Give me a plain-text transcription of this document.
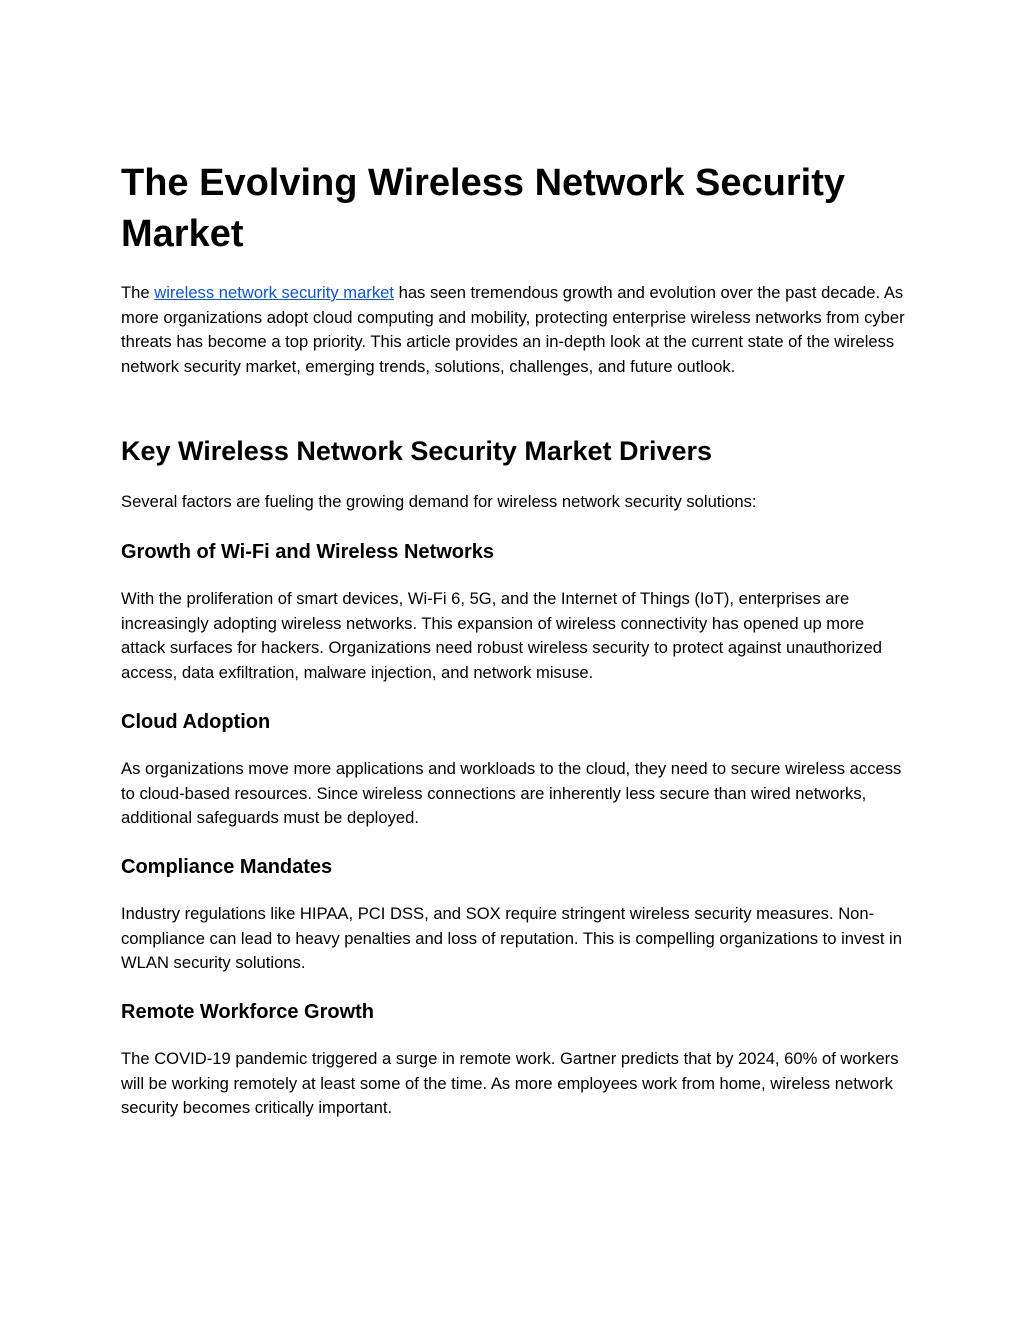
The Evolving Wireless Network Security Market

The wireless network security market has seen tremendous growth and evolution over the past decade. As more organizations adopt cloud computing and mobility, protecting enterprise wireless networks from cyber threats has become a top priority. This article provides an in-depth look at the current state of the wireless network security market, emerging trends, solutions, challenges, and future outlook.

Key Wireless Network Security Market Drivers

Several factors are fueling the growing demand for wireless network security solutions:

Growth of Wi-Fi and Wireless Networks

With the proliferation of smart devices, Wi-Fi 6, 5G, and the Internet of Things (IoT), enterprises are increasingly adopting wireless networks. This expansion of wireless connectivity has opened up more attack surfaces for hackers. Organizations need robust wireless security to protect against unauthorized access, data exfiltration, malware injection, and network misuse.

Cloud Adoption

As organizations move more applications and workloads to the cloud, they need to secure wireless access to cloud-based resources. Since wireless connections are inherently less secure than wired networks, additional safeguards must be deployed.

Compliance Mandates

Industry regulations like HIPAA, PCI DSS, and SOX require stringent wireless security measures. Non-compliance can lead to heavy penalties and loss of reputation. This is compelling organizations to invest in WLAN security solutions.

Remote Workforce Growth

The COVID-19 pandemic triggered a surge in remote work. Gartner predicts that by 2024, 60% of workers will be working remotely at least some of the time. As more employees work from home, wireless network security becomes critically important.
